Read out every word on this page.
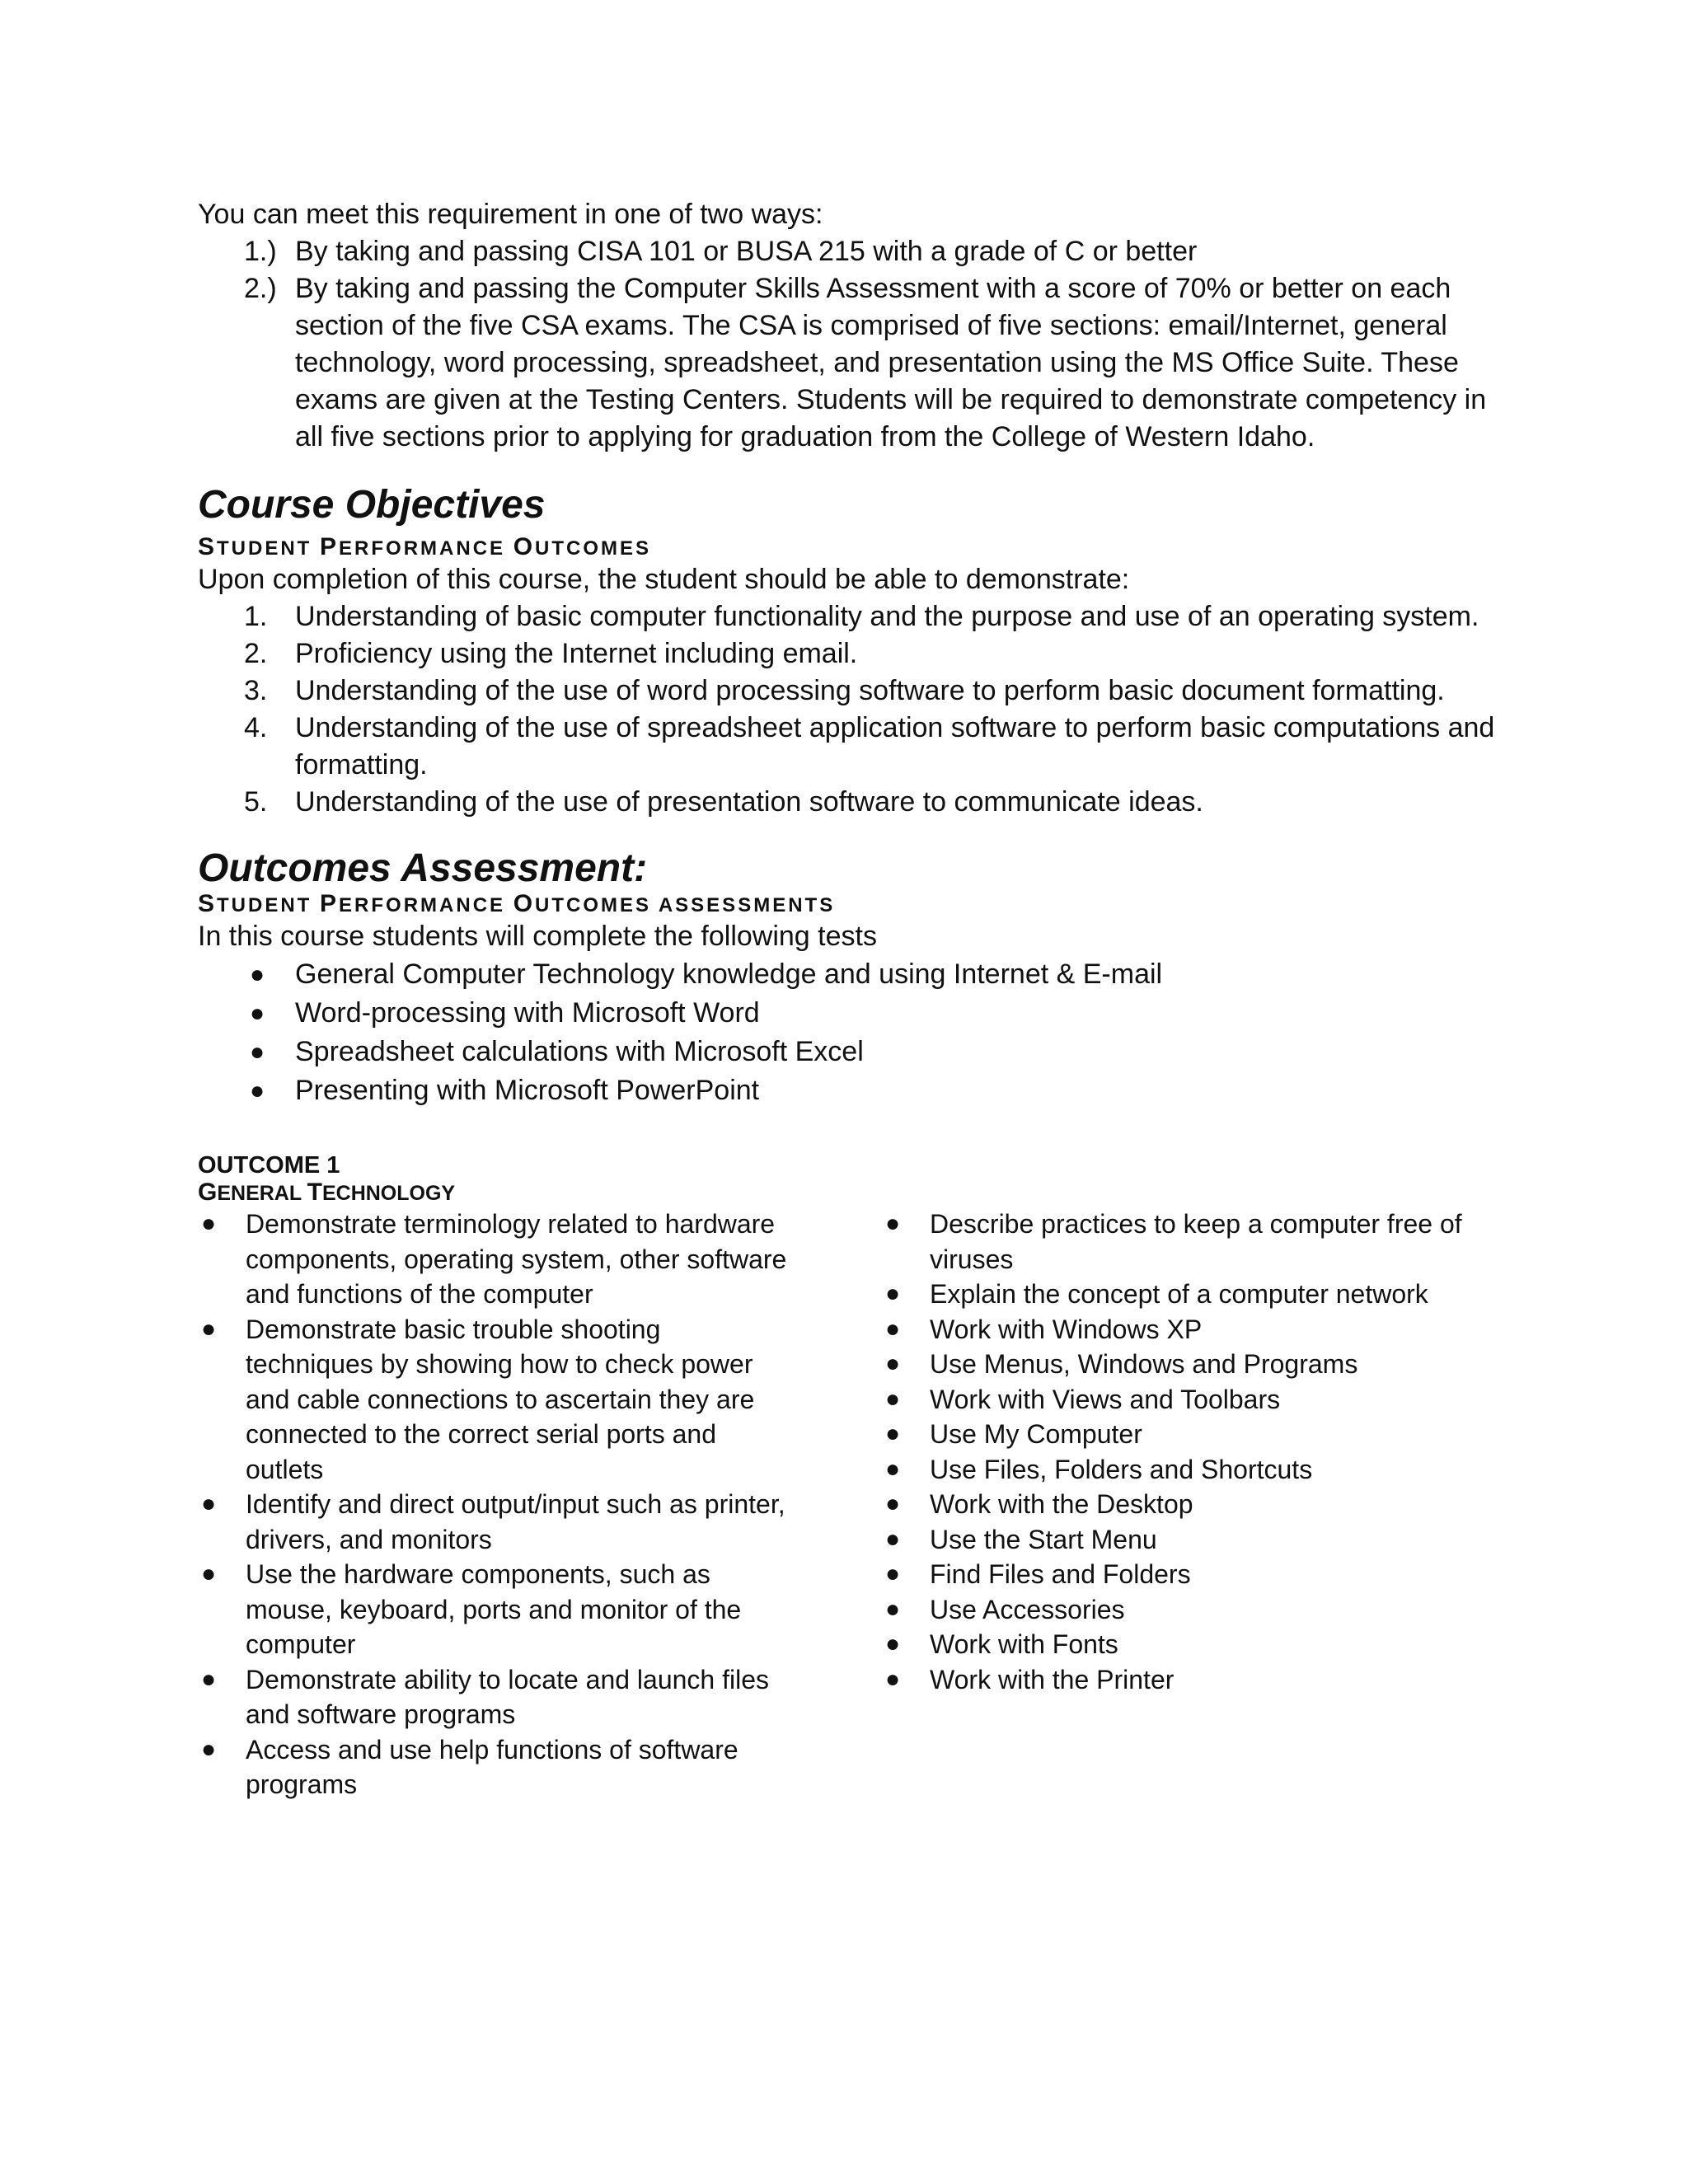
You can meet this requirement in one of two ways:

1.) By taking and passing CISA 101 or BUSA 215 with a grade of C or better
2.) By taking and passing the Computer Skills Assessment with a score of 70% or better on each section of the five CSA exams. The CSA is comprised of five sections: email/Internet, general technology, word processing, spreadsheet, and presentation using the MS Office Suite. These exams are given at the Testing Centers. Students will be required to demonstrate competency in all five sections prior to applying for graduation from the College of Western Idaho.
Course Objectives

STUDENT PERFORMANCE OUTCOMES

Upon completion of this course, the student should be able to demonstrate:

1. Understanding of basic computer functionality and the purpose and use of an operating system.
2. Proficiency using the Internet including email.
3. Understanding of the use of word processing software to perform basic document formatting.
4. Understanding of the use of spreadsheet application software to perform basic computations and formatting.
5. Understanding of the use of presentation software to communicate ideas.
Outcomes Assessment:

STUDENT PERFORMANCE OUTCOMES ASSESSMENTS

In this course students will complete the following tests

● General Computer Technology knowledge and using Internet & E-mail
● Word-processing with Microsoft Word
● Spreadsheet calculations with Microsoft Excel
● Presenting with Microsoft PowerPoint

OUTCOME 1

GENERAL TECHNOLOGY

● Demonstrate terminology related to hardware components, operating system, other software and functions of the computer
● Demonstrate basic trouble shooting techniques by showing how to check power and cable connections to ascertain they are connected to the correct serial ports and outlets
● Identify and direct output/input such as printer, drivers, and monitors
● Use the hardware components, such as mouse, keyboard, ports and monitor of the computer
● Demonstrate ability to locate and launch files and software programs
● Access and use help functions of software programs
● Describe practices to keep a computer free of viruses
● Explain the concept of a computer network
● Work with Windows XP
● Use Menus, Windows and Programs
● Work with Views and Toolbars
● Use My Computer
● Use Files, Folders and Shortcuts
● Work with the Desktop
● Use the Start Menu
● Find Files and Folders
● Use Accessories
● Work with Fonts
● Work with the Printer
